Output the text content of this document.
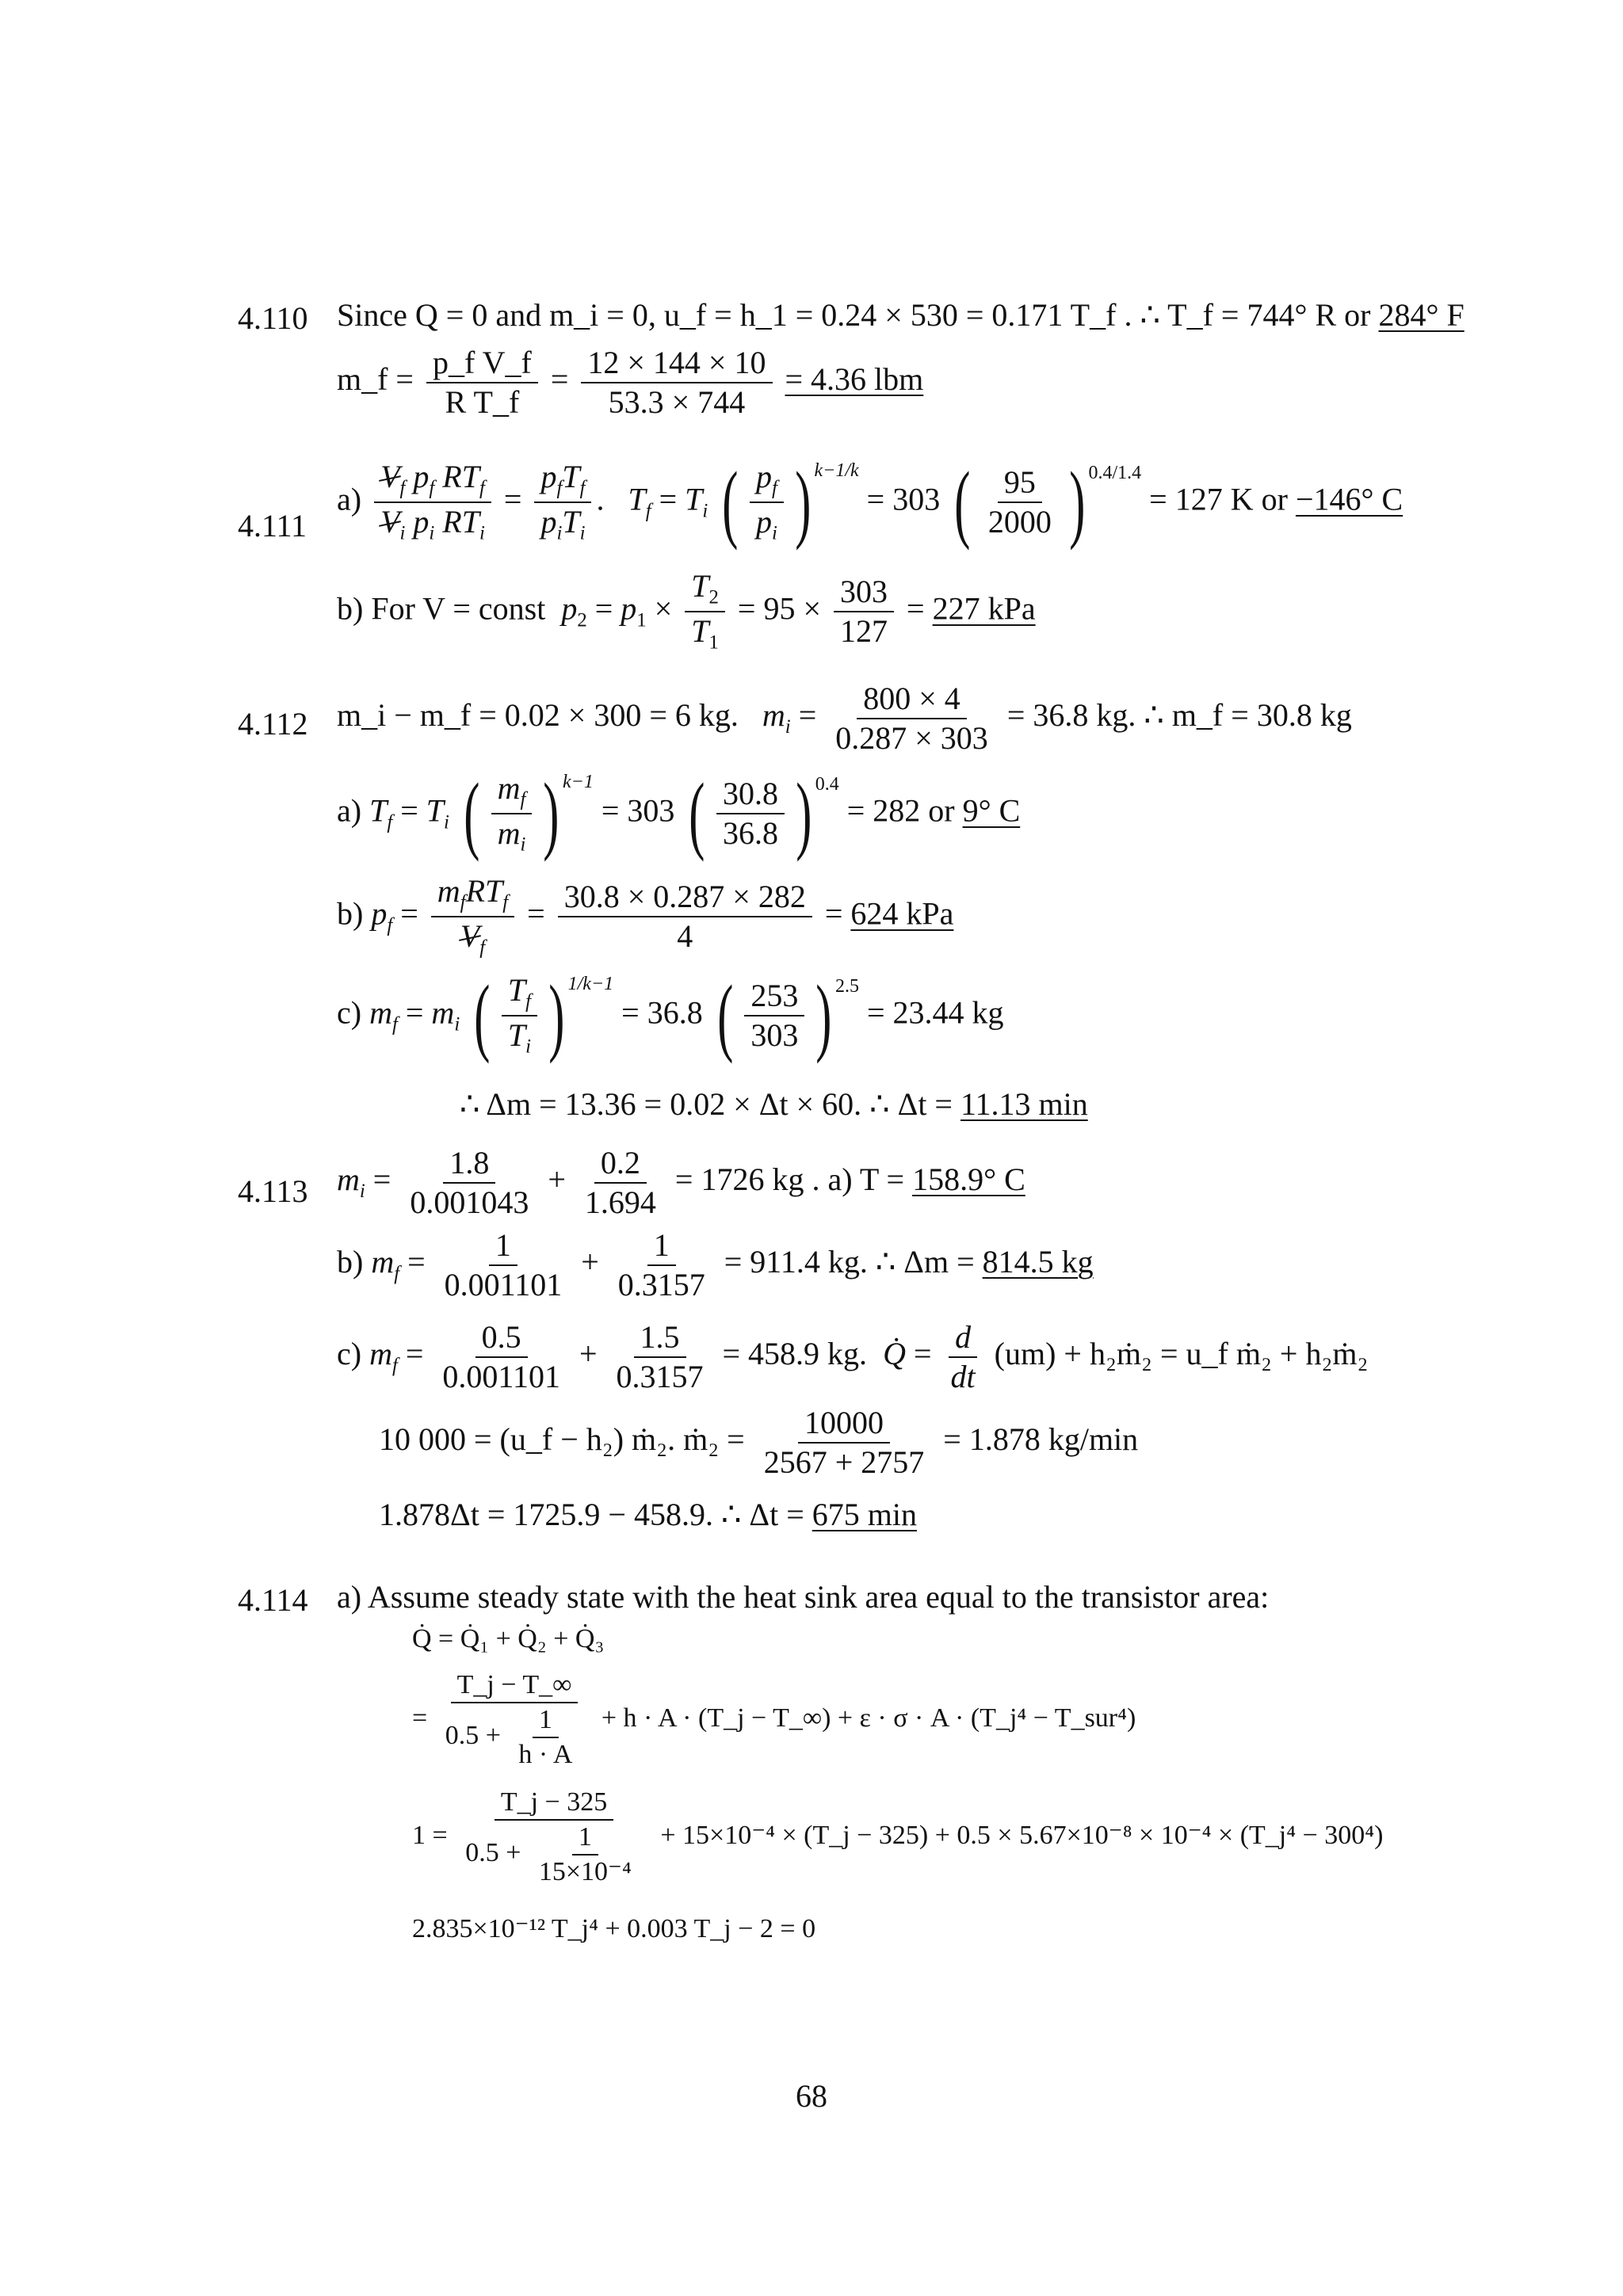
4.110 Since Q = 0 and m_i = 0, u_f = h_1 = 0.24 × 530 = 0.171 T_f . ∴ T_f = 744° R or 284° F
m_f = $\frac{\text{p\_f V\_f}}{\text{R T\_f}} = \frac{12 \times 144 \times 10}{53.3 \times 744} = 4.36$ lbm
4.111
a)
$V_f$ $p_f$ $RT_f$
$V_i$ $p_i$ $RT_i$
=
$p_fT_f$
$p_iT_i$
.   $T_f = T_i$ ( $p_f$
$p_i$ ) k−1/k
= 303 ( 95
2000 ) 0.4/1.4
= 127 K or −146° C
b) For V = const $p_2 = p_1 \times \frac{T_2}{T_1} = 95 \times \frac{303}{127} = 227$ kPa
4.112 m_i − m_f = 0.02 × 300 = 6 kg. $m_i = \frac{800 \times 4}{0.287 \times 303} = 36.8$ kg. ∴ m_f = 30.8 kg
a) $T_f = T_i$ ( $m_f$
$m_i$ ) k−1
= 303 ( 30.8
36.8 ) 0.4
= 282 or 9° C
b) $p_f$ =
$m_fRT_f$
$V_f$
= $\frac{30.8 \times 0.287 \times 282}{4} = 624$ kPa
c) $m_f = m_i$ ( $T_f$
$T_i$ ) 1/k−1
= 36.8 ( 253
303 ) 2.5
= 23.44 kg
∴ Δm = 13.36 = 0.02 × Δt × 60. ∴ Δt = 11.13 min
4.113 $m_i = \frac{1.8}{0.001043} + \frac{0.2}{1.694} = 1726$ kg . a) T = 158.9° C
b) $m_f = \frac{1}{0.001101} + \frac{1}{0.3157} = 911.4$ kg. ∴ Δm = 814.5 kg
c) $m_f = \frac{0.5}{0.001101} + \frac{1.5}{0.3157} = 458.9$ kg. Q̇ = $\frac{d}{dt} (um)$ + h₂ṁ₂ = u_f ṁ₂ + h₂ṁ₂
10 000 = (u_f − h₂) ṁ₂. ṁ₂ = $\frac{10000}{2567 + 2757} = 1.878$ kg/min
1.878Δt = 1725.9 − 458.9. ∴ Δt = 675 min
4.114 a) Assume steady state with the heat sink area equal to the transistor area:
Q̇ = Q̇₁ + Q̇₂ + Q̇₃
= $\frac{T\_j - T\_\infty}{0.5 + \frac{1}{h \cdot A}} + h \cdot A$ · (T_j − T_∞) + ε · σ · A · (T_j⁴ − T_sur⁴)
$1 = \frac{T\_j - 325}{0.5 + \frac{1}{\text{15×10⁻⁴}}} + 15\times 10^{-4}$ × (T_j − 325) + 0.5 × 5.67×10⁻⁸ × 10⁻⁴ × (T_j⁴ − 300⁴)
2.835×10⁻¹² T_j⁴ + 0.003 T_j − 2 = 0
68
